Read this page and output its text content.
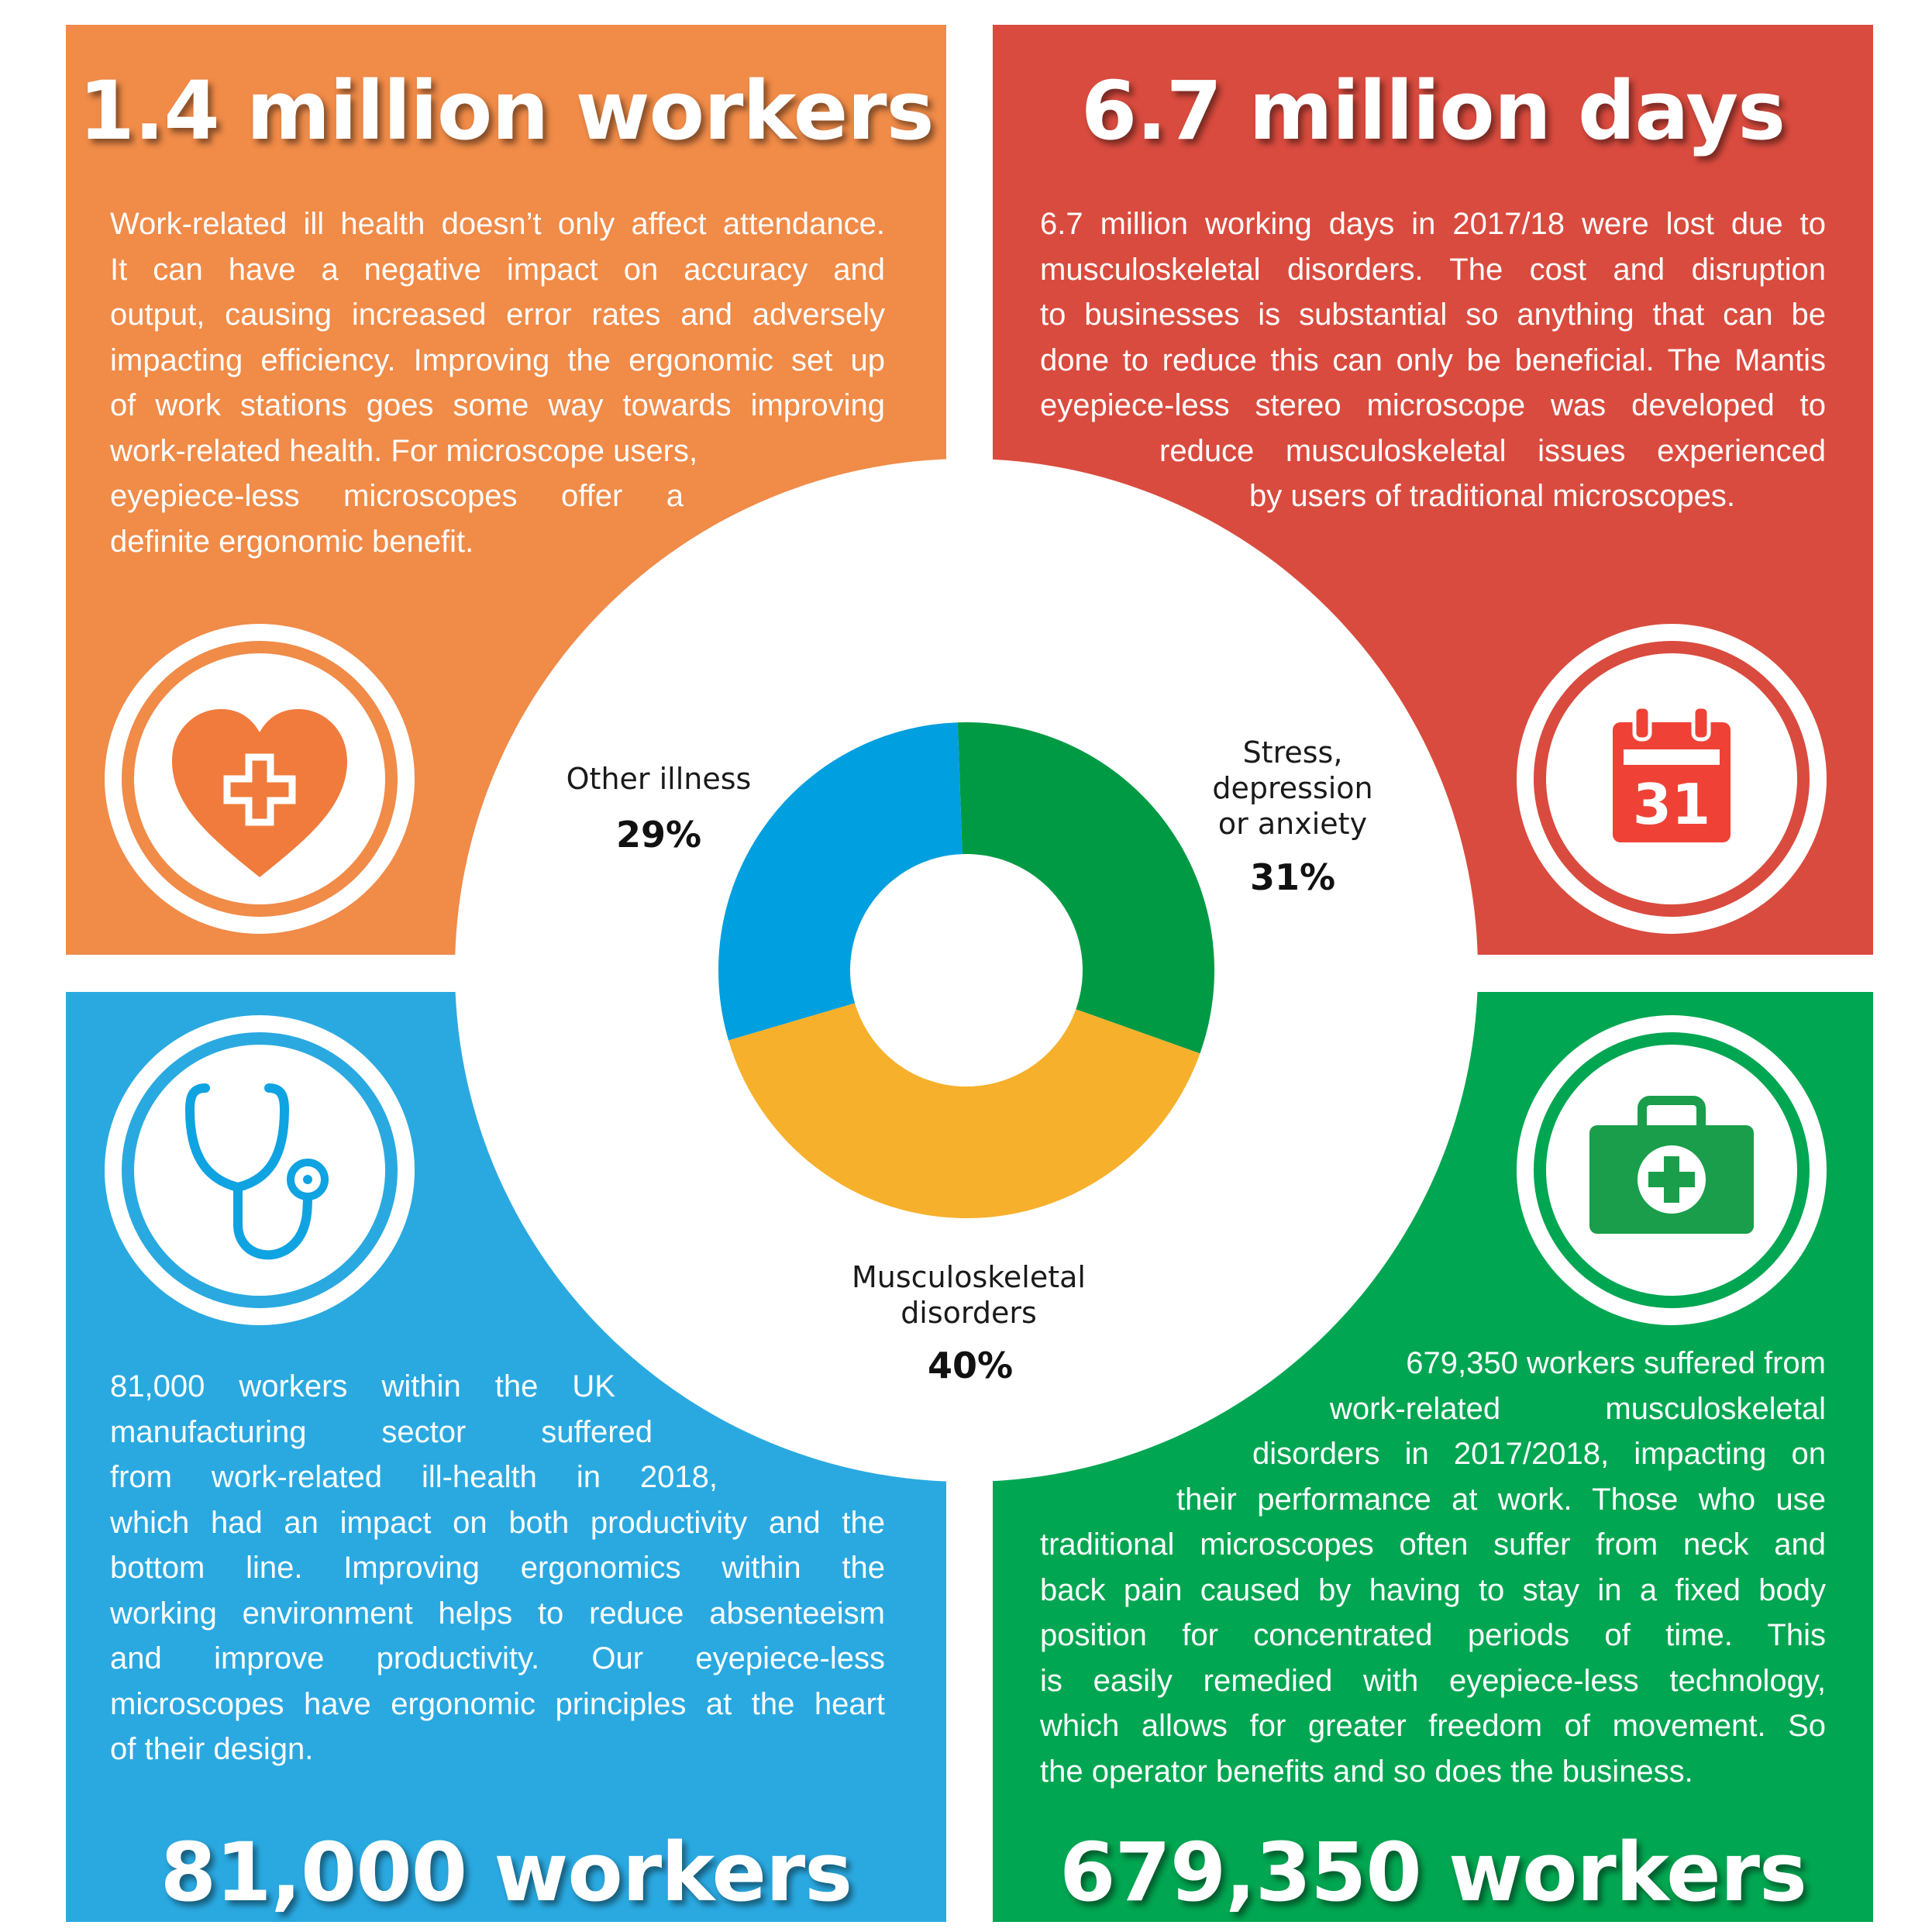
1.4 million workers
Work-related ill health doesn’t only affect attendance.
It can have a negative impact on accuracy and
output, causing increased error rates and adversely
impacting efficiency. Improving the ergonomic set up
of work stations goes some way towards improving
work-related health. For microscope users,
eyepiece-less microscopes offer a
definite ergonomic benefit.
6.7 million days
6.7 million working days in 2017/18 were lost due to
musculoskeletal disorders. The cost and disruption
to businesses is substantial so anything that can be
done to reduce this can only be beneficial. The Mantis
eyepiece-less stereo microscope was developed to
reduce musculoskeletal issues experienced
by users of traditional microscopes.
81,000 workers within the UK
manufacturing sector suffered
from work-related ill-health in 2018,
which had an impact on both productivity and the
bottom line. Improving ergonomics within the
working environment helps to reduce absenteeism
and improve productivity. Our eyepiece-less
microscopes have ergonomic principles at the heart
of their design.
81,000 workers
679,350 workers suffered from
work-related musculoskeletal
disorders in 2017/2018, impacting on
their performance at work. Those who use
traditional microscopes often suffer from neck and
back pain caused by having to stay in a fixed body
position for concentrated periods of time. This
is easily remedied with eyepiece-less technology,
which allows for greater freedom of movement. So
the operator benefits and so does the business.
679,350 workers
Stress,
depression
or anxiety
31%
Other illness
29%
Musculoskeletal
disorders
40%
31
